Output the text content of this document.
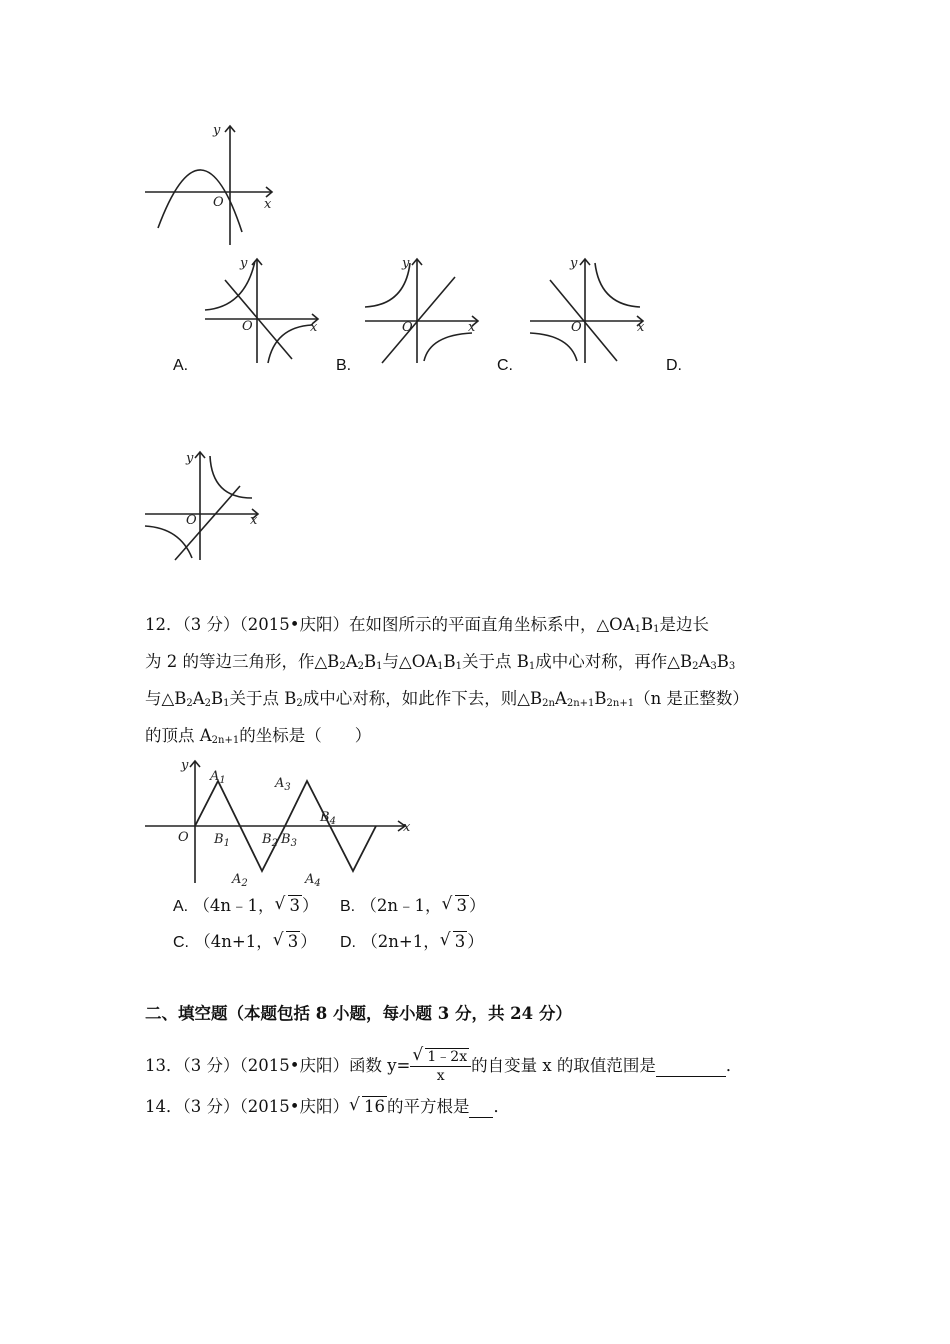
y
x
O
y
x
O
A.
y
x
O
B.
y
x
O
C.	D.
y
x
O
12．（3 分）（2015•庆阳）在如图所示的平面直角坐标系中，$\triangle OA_1B_1$是边长
为 2 的等边三角形，作$\triangle B_2A_2B_1$与$\triangle OA_1B_1$关于点 $B_1$成中心对称，再作$\triangle B_2A_3B_3$
与$\triangle B_2A_2B_1$关于点 $B_2$成中心对称，如此作下去，则$\triangle B_{2n}A_{2n+1}B_{2n+1}(n$ 是正整数）
的顶点 $A_{2n+1}$的坐标是（　　）
y
x
O
$A_1$
$B_1$
$A_2$
$B_2$ $B_3$
$A_3$
$A_4$
$B_4$
A. （4n﹣1， √ 3 ） B. （2n﹣1， √ 3 ）
C. （4n+1， √ 3 ） D. （2n+1， √ 3 ）
二、填空题（本题包括 8 小题，每小题 3 分，共 24 分）
13．（3 分）（2015•庆阳）函数 $y= \frac{√ 1﹣2x}{x}$ 的自变量 x 的取值范围是	．
14．（3 分）（2015•庆阳） √ 16 的平方根是 ．
